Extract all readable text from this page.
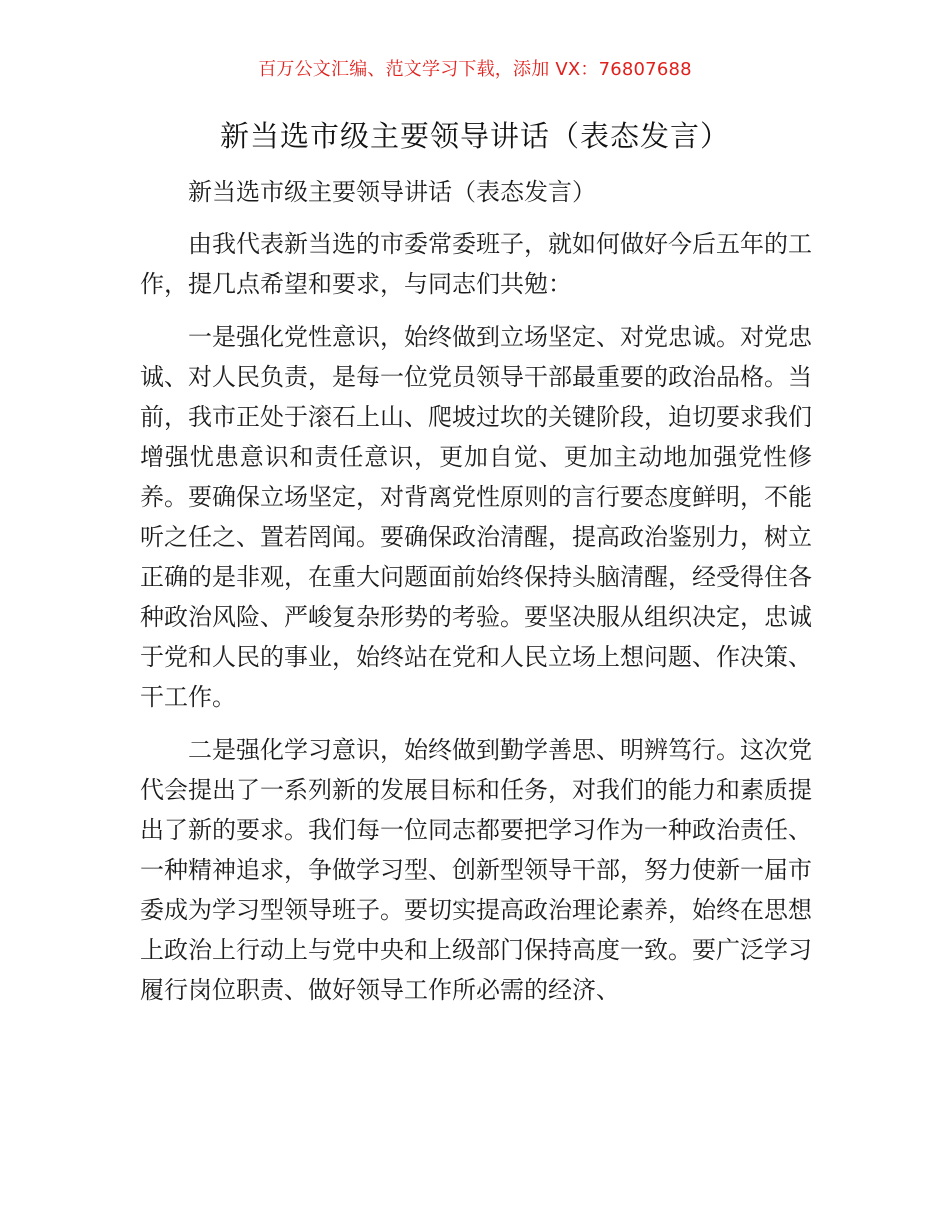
百万公文汇编、范文学习下载，添加 VX：76807688
新当选市级主要领导讲话（表态发言）

新当选市级主要领导讲话（表态发言）

由我代表新当选的市委常委班子，就如何做好今后五年的工作，提几点希望和要求，与同志们共勉：

一是强化党性意识，始终做到立场坚定、对党忠诚。对党忠诚、对人民负责，是每一位党员领导干部最重要的政治品格。当前，我市正处于滚石上山、爬坡过坎的关键阶段，迫切要求我们增强忧患意识和责任意识，更加自觉、更加主动地加强党性修养。要确保立场坚定，对背离党性原则的言行要态度鲜明，不能听之任之、置若罔闻。要确保政治清醒，提高政治鉴别力，树立正确的是非观，在重大问题面前始终保持头脑清醒，经受得住各种政治风险、严峻复杂形势的考验。要坚决服从组织决定，忠诚于党和人民的事业，始终站在党和人民立场上想问题、作决策、干工作。

二是强化学习意识，始终做到勤学善思、明辨笃行。这次党代会提出了一系列新的发展目标和任务，对我们的能力和素质提出了新的要求。我们每一位同志都要把学习作为一种政治责任、一种精神追求，争做学习型、创新型领导干部，努力使新一届市委成为学习型领导班子。要切实提高政治理论素养，始终在思想上政治上行动上与党中央和上级部门保持高度一致。要广泛学习履行岗位职责、做好领导工作所必需的经济、
